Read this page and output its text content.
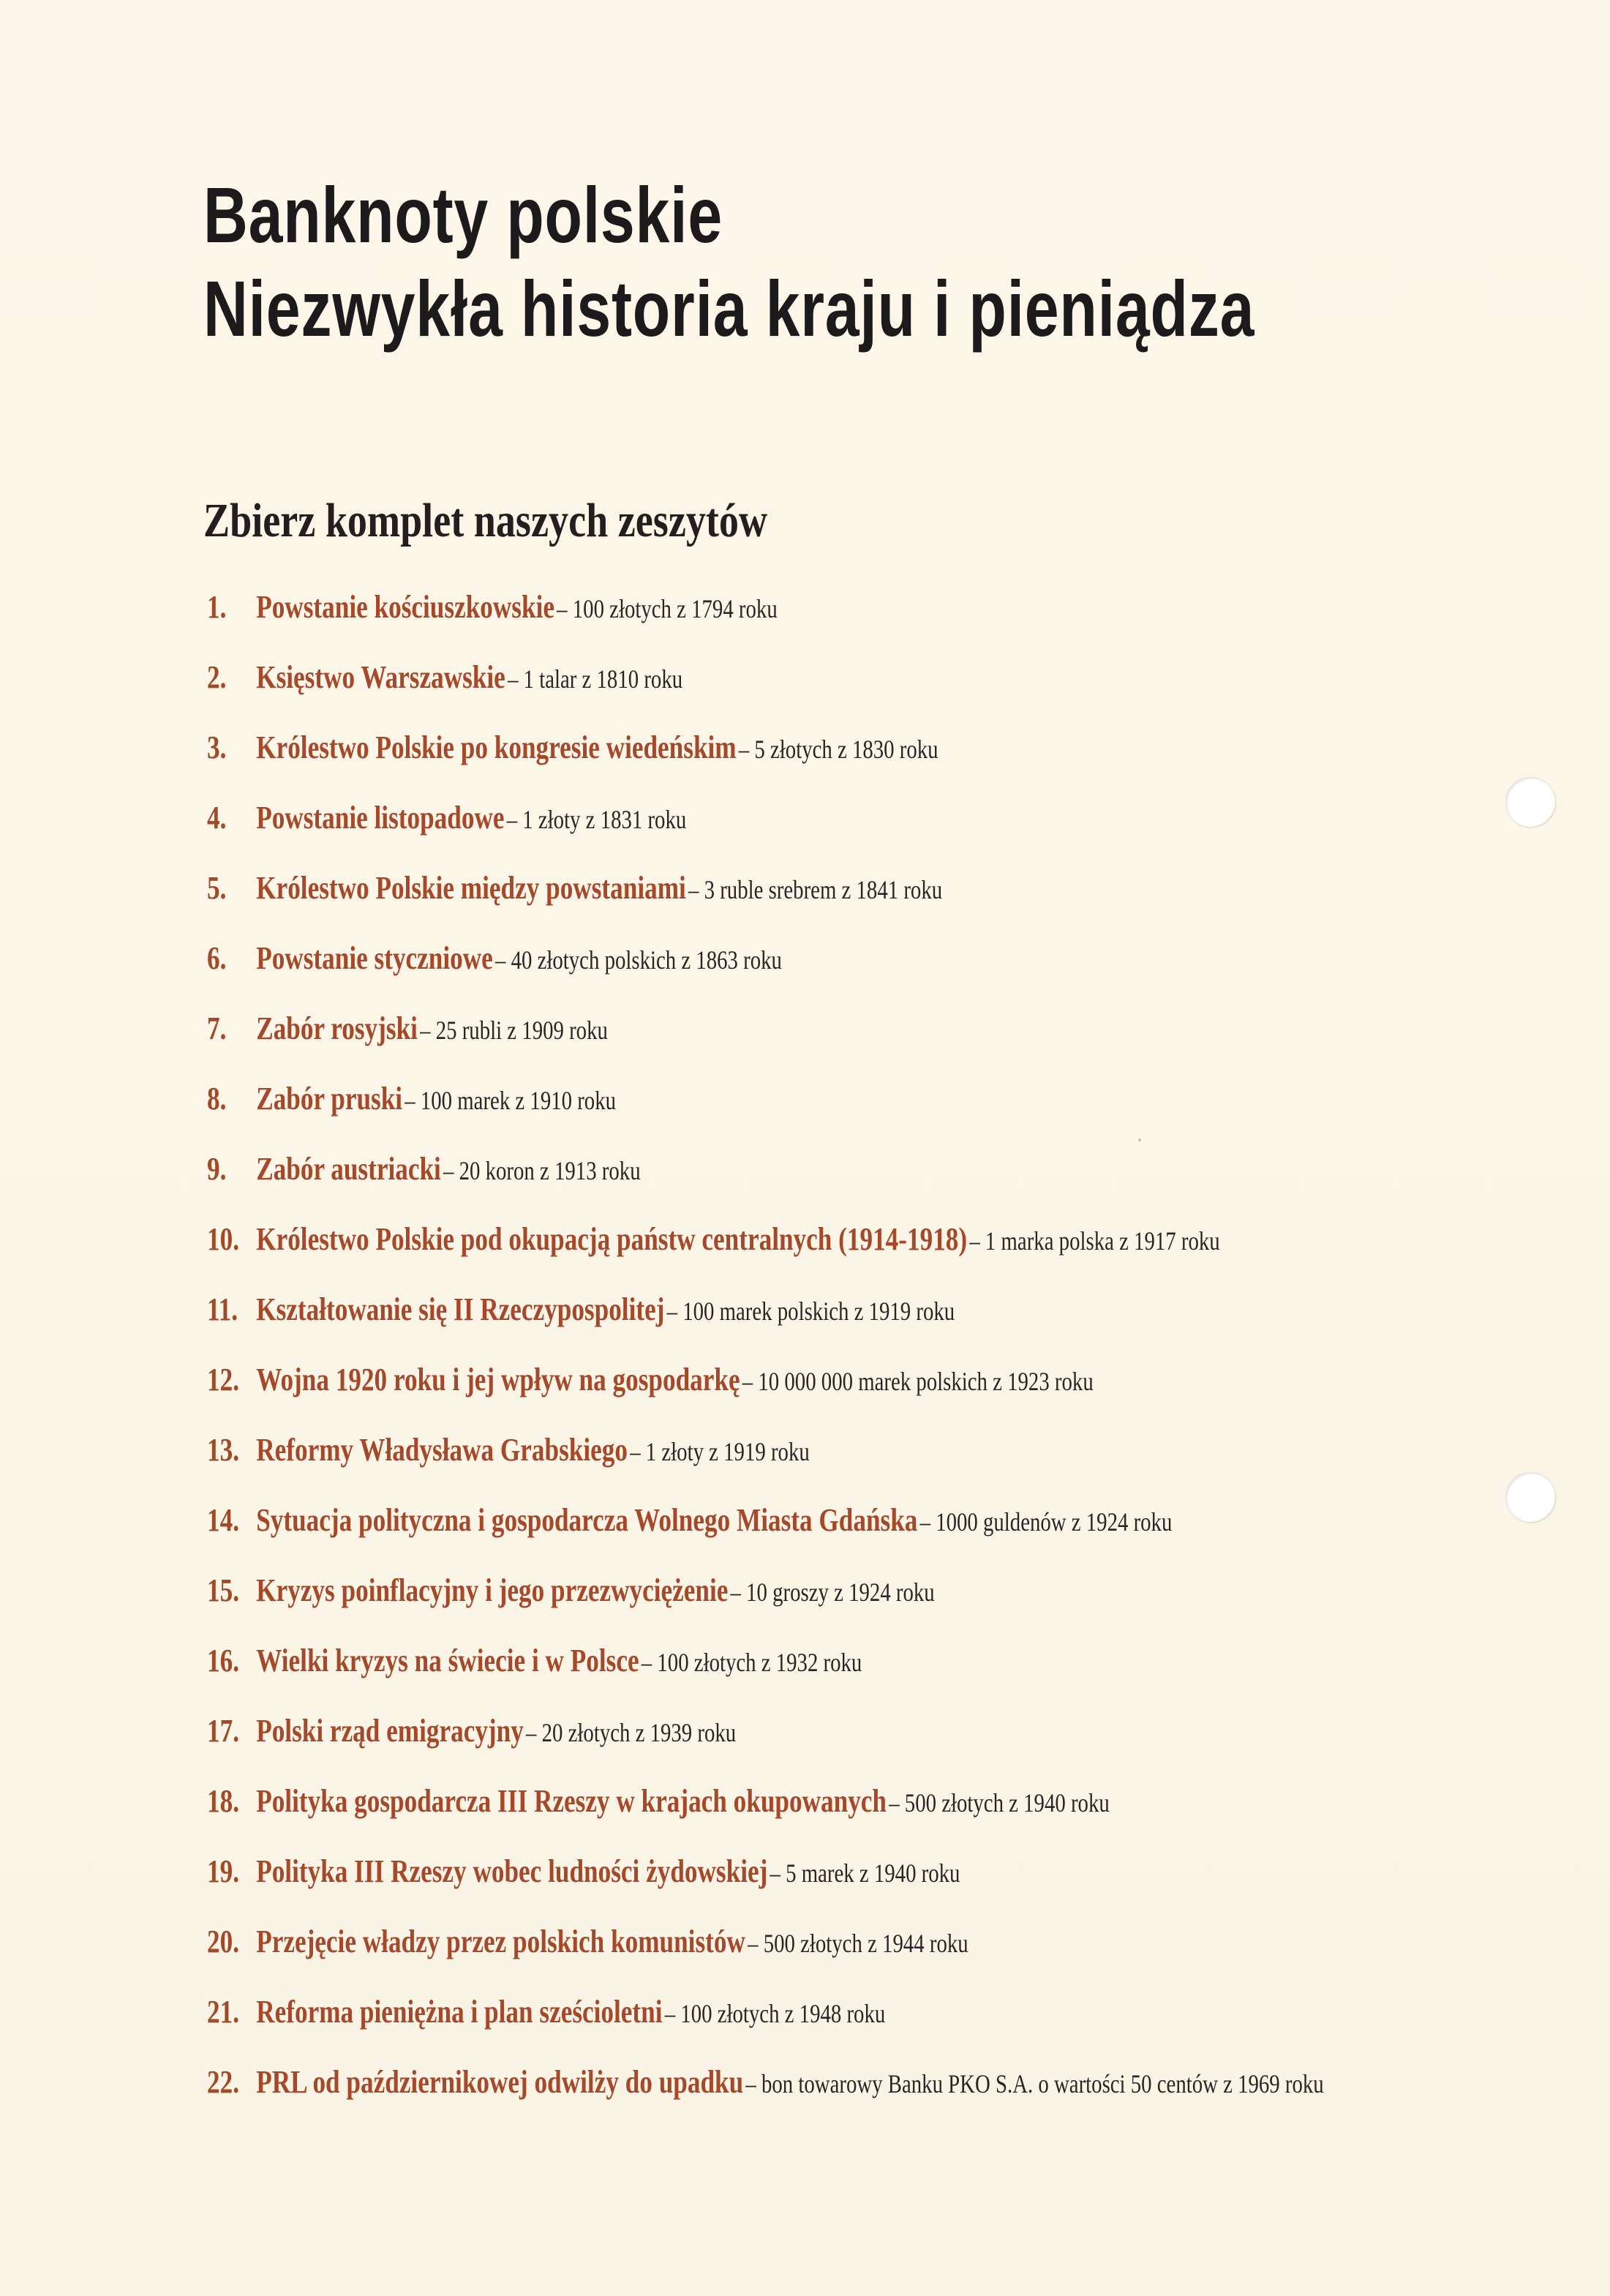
Banknoty polskie
Niezwykła historia kraju i pieniądza
Zbierz komplet naszych zeszytów
1. Powstanie kościuszkowskie – 100 złotych z 1794 roku
2. Księstwo Warszawskie – 1 talar z 1810 roku
3. Królestwo Polskie po kongresie wiedeńskim – 5 złotych z 1830 roku
4. Powstanie listopadowe – 1 złoty z 1831 roku
5. Królestwo Polskie między powstaniami – 3 ruble srebrem z 1841 roku
6. Powstanie styczniowe – 40 złotych polskich z 1863 roku
7. Zabór rosyjski – 25 rubli z 1909 roku
8. Zabór pruski – 100 marek z 1910 roku
9. Zabór austriacki – 20 koron z 1913 roku
10. Królestwo Polskie pod okupacją państw centralnych (1914-1918) – 1 marka polska z 1917 roku
11. Kształtowanie się II Rzeczypospolitej – 100 marek polskich z 1919 roku
12. Wojna 1920 roku i jej wpływ na gospodarkę – 10 000 000 marek polskich z 1923 roku
13. Reformy Władysława Grabskiego – 1 złoty z 1919 roku
14. Sytuacja polityczna i gospodarcza Wolnego Miasta Gdańska – 1000 guldenów z 1924 roku
15. Kryzys poinflacyjny i jego przezwyciężenie – 10 groszy z 1924 roku
16. Wielki kryzys na świecie i w Polsce – 100 złotych z 1932 roku
17. Polski rząd emigracyjny – 20 złotych z 1939 roku
18. Polityka gospodarcza III Rzeszy w krajach okupowanych – 500 złotych z 1940 roku
19. Polityka III Rzeszy wobec ludności żydowskiej – 5 marek z 1940 roku
20. Przejęcie władzy przez polskich komunistów – 500 złotych z 1944 roku
21. Reforma pieniężna i plan sześcioletni – 100 złotych z 1948 roku
22. PRL od październikowej odwilży do upadku – bon towarowy Banku PKO S.A. o wartości 50 centów z 1969 roku
